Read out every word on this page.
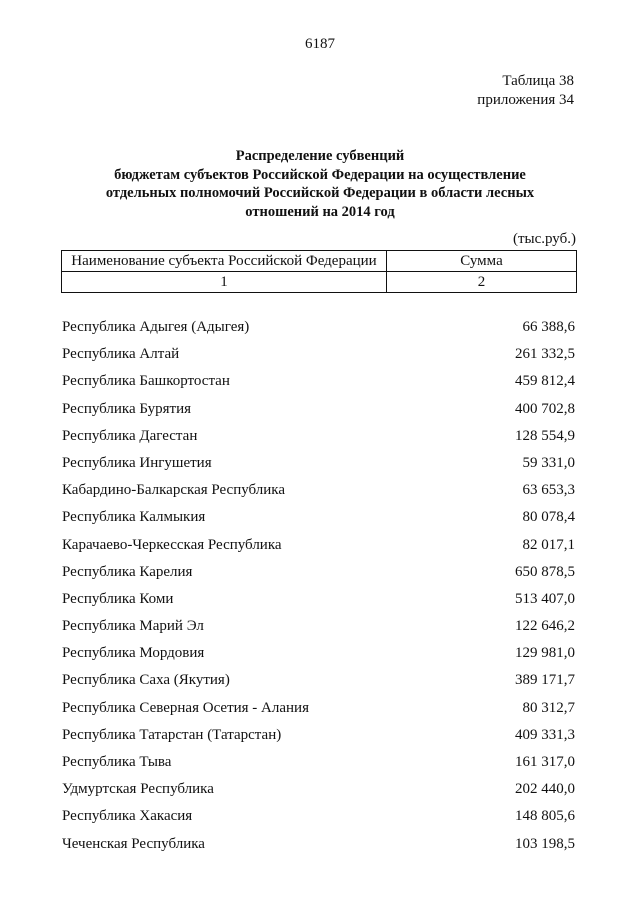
6187
Таблица 38
приложения 34
Распределение субвенций
бюджетам субъектов Российской Федерации на осуществление
отдельных полномочий Российской Федерации в области лесных
отношений на 2014 год
(тыс.руб.)
Наименование субъекта Российской Федерации	Сумма
1	2
Республика Адыгея (Адыгея)	66 388,6
Республика Алтай	261 332,5
Республика Башкортостан	459 812,4
Республика Бурятия	400 702,8
Республика Дагестан	128 554,9
Республика Ингушетия	59 331,0
Кабардино-Балкарская Республика	63 653,3
Республика Калмыкия	80 078,4
Карачаево-Черкесская Республика	82 017,1
Республика Карелия	650 878,5
Республика Коми	513 407,0
Республика Марий Эл	122 646,2
Республика Мордовия	129 981,0
Республика Саха (Якутия)	389 171,7
Республика Северная Осетия - Алания	80 312,7
Республика Татарстан (Татарстан)	409 331,3
Республика Тыва	161 317,0
Удмуртская Республика	202 440,0
Республика Хакасия	148 805,6
Чеченская Республика	103 198,5
